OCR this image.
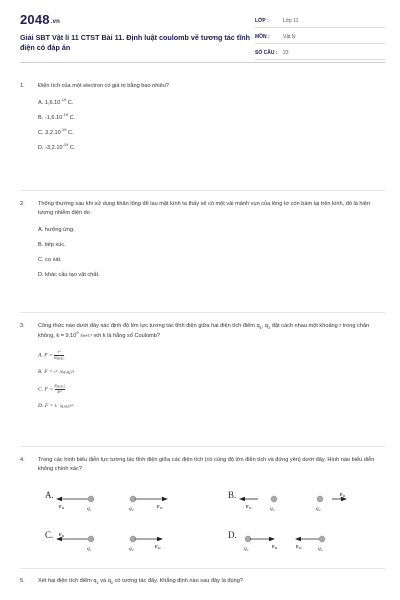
$2048_{.vn}$
Giải SBT Vật lí 11 CTST Bài 11. Định luật coulomb về tương tác tĩnh điện có đáp án
LỚP :	Lớp 11
MÔN :	Vật lý
SỐ CÂU :	23
1.	Điện tích của một electron có giá trị bằng bao nhiêu?
A. $1,6.10^{-19}$ C.
B. $-1,6.10^{-19}$ C.
C. $3,2.10^{-19}$ C.
D. $-3,2.10^{-19}$ C.
2.	Thông thường sau khi sử dụng khăn lông để lau mặt kính ta thấy sẽ có một vài mảnh vụn của lông tơ còn bám lại trên kính, đó là hiện tượng nhiễm điện do
A. hưởng ứng.
B. tiếp xúc.
C. cọ xát.
D. khác cấu tạo vật chất.
3.	Công thức nào dưới đây xác định độ lớn lực tương tác tĩnh điện giữa hai điện tích điểm $q_1$, $q_2$ đặt cách nhau một khoảng r trong chân không, $k = 9.10^9$ Nm²/C² với k là hằng số Coulomb?
A. $F = \frac{\text{r²}}{\text{k|q₁q₂|}}$
B. F = r² · k|q₁q₂|/r
C. $F = \frac{\text{k|q₁q₂|}}{\text{kr²}}$
D. F = k · |q₁q₂|/r²
4.	Trong các hình biểu diễn lực tương tác tĩnh điện giữa các điện tích (có cùng độ lớn điện tích và đứng yên) dưới đây. Hình nào biểu diễn không chính xác?
A.
F₂₁	q₁	q₂	F₁₂
B.
F₁₂	q₁	q₂
F₂₁
C. F₂₁
q₁	q₂	F₁₂
D.
q₁	F₂₁	F₁₂	q₂
5.	Xét hai điện tích điểm $q_1$ và $q_2$ có tương tác đẩy. Khẳng định nào sau đây là đúng?
